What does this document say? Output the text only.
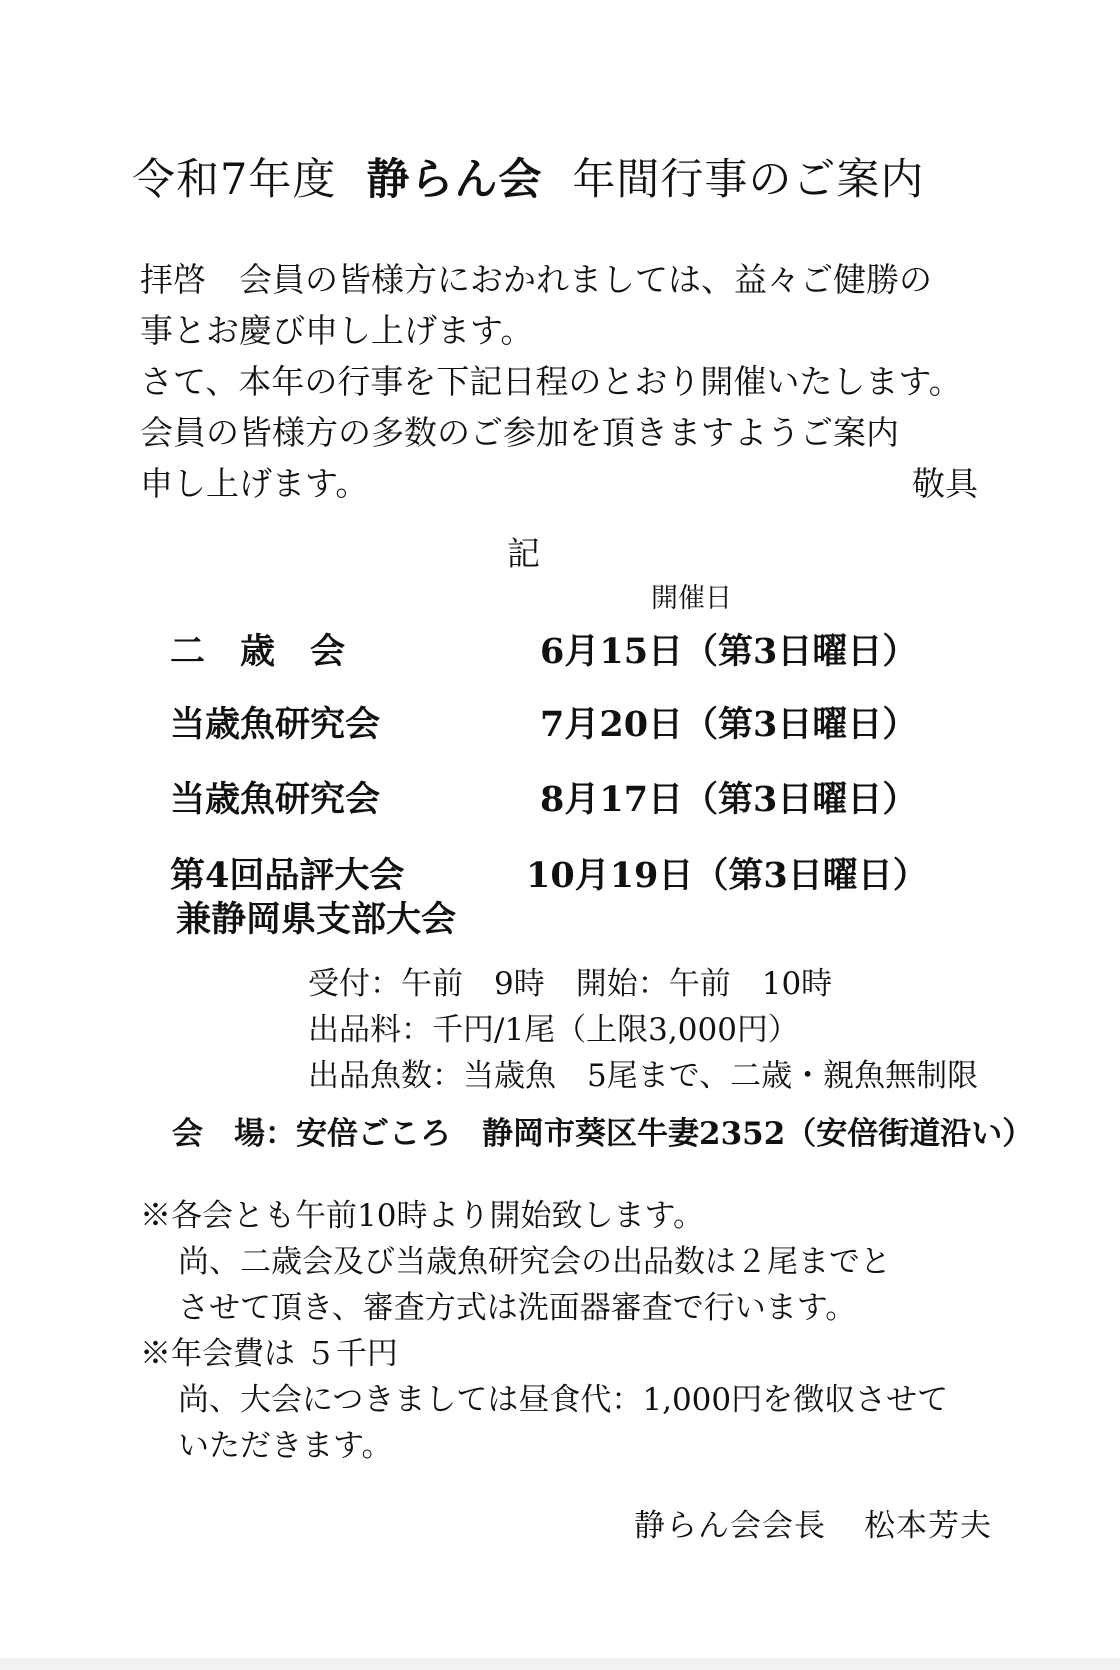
令和7年度 静らん会 年間行事のご案内
拝啓　会員の皆様方におかれましては、益々ご健勝の
事とお慶び申し上げます。
さて、本年の行事を下記日程のとおり開催いたします。
会員の皆様方の多数のご参加を頂きますようご案内
申し上げます。	敬具
記
開催日
二　歳　会	6月15日（第3日曜日）
当歳魚研究会	7月20日（第3日曜日）
当歳魚研究会	8月17日（第3日曜日）
第4回品評大会	10月19日（第3日曜日）
兼静岡県支部大会
受付：午前　9時　開始：午前　10時
出品料：千円/1尾（上限3,000円）
出品魚数：当歳魚　5尾まで、二歳・親魚無制限
会　場：安倍ごころ　静岡市葵区牛妻2352（安倍街道沿い）
※各会とも午前10時より開始致します。
尚、二歳会及び当歳魚研究会の出品数は２尾までと
させて頂き、審査方式は洗面器審査で行います。
※年会費は ５千円
尚、大会につきましては昼食代：1,000円を徴収させて
いただきます。
静らん会会長 松本芳夫
